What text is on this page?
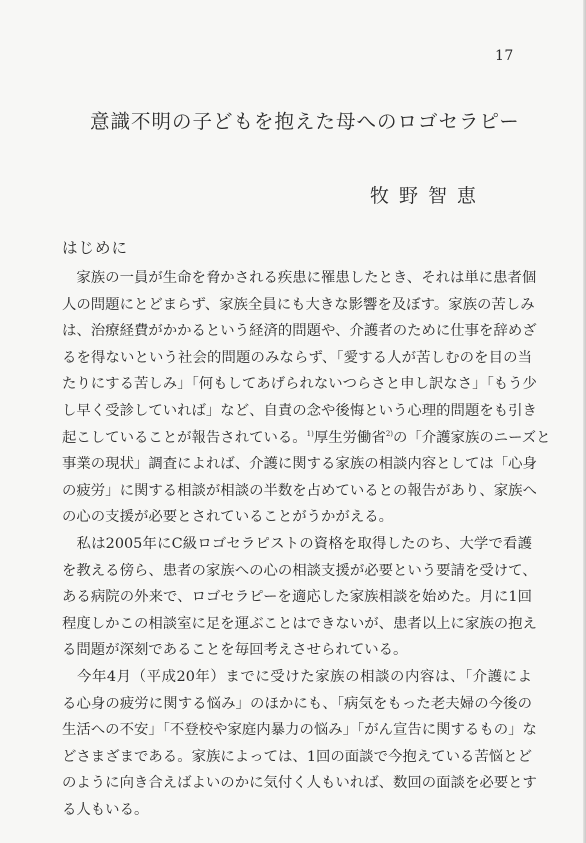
17
意識不明の子どもを抱えた母へのロゴセラピー
牧野智恵
はじめに
　家族の一員が生命を脅かされる疾患に罹患したとき、それは単に患者個
人の問題にとどまらず、家族全員にも大きな影響を及ぼす。家族の苦しみ
は、治療経費がかかるという経済的問題や、介護者のために仕事を辞めざ
るを得ないという社会的問題のみならず、「愛する人が苦しむのを目の当
たりにする苦しみ」「何もしてあげられないつらさと申し訳なさ」「もう少
し早く受診していれば」など、自責の念や後悔という心理的問題をも引き
起こしていることが報告されている。$^{1)}$厚生労働省$^{2)}$の「介護家族のニーズと
事業の現状」調査によれば、介護に関する家族の相談内容としては「心身
の疲労」に関する相談が相談の半数を占めているとの報告があり、家族へ
の心の支援が必要とされていることがうかがえる。
　私は2005年にC級ロゴセラピストの資格を取得したのち、大学で看護
を教える傍ら、患者の家族への心の相談支援が必要という要請を受けて、
ある病院の外来で、ロゴセラピーを適応した家族相談を始めた。月に1回
程度しかこの相談室に足を運ぶことはできないが、患者以上に家族の抱え
る問題が深刻であることを毎回考えさせられている。
　今年4月（平成20年）までに受けた家族の相談の内容は、「介護によ
る心身の疲労に関する悩み」のほかにも、「病気をもった老夫婦の今後の
生活への不安」「不登校や家庭内暴力の悩み」「がん宣告に関するもの」な
どさまざまである。家族によっては、1回の面談で今抱えている苦悩とど
のように向き合えばよいのかに気付く人もいれば、数回の面談を必要とす
る人もいる。
